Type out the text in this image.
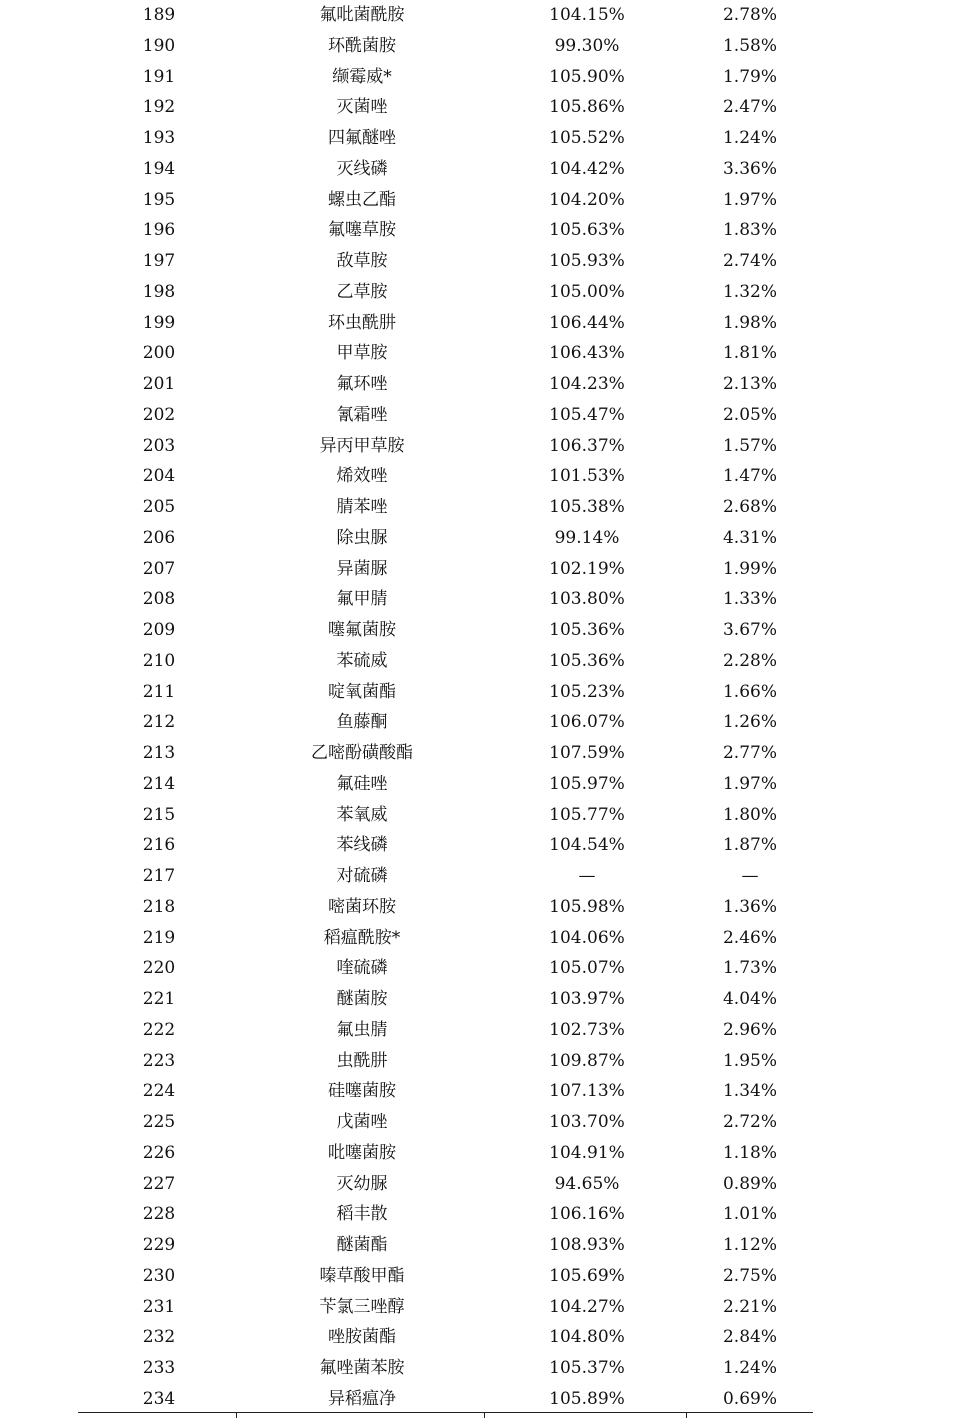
189	氟吡菌酰胺	104.15%	2.78%
190	环酰菌胺	99.30%	1.58%
191	缬霉威*	105.90%	1.79%
192	灭菌唑	105.86%	2.47%
193	四氟醚唑	105.52%	1.24%
194	灭线磷	104.42%	3.36%
195	螺虫乙酯	104.20%	1.97%
196	氟噻草胺	105.63%	1.83%
197	敌草胺	105.93%	2.74%
198	乙草胺	105.00%	1.32%
199	环虫酰肼	106.44%	1.98%
200	甲草胺	106.43%	1.81%
201	氟环唑	104.23%	2.13%
202	氰霜唑	105.47%	2.05%
203	异丙甲草胺	106.37%	1.57%
204	烯效唑	101.53%	1.47%
205	腈苯唑	105.38%	2.68%
206	除虫脲	99.14%	4.31%
207	异菌脲	102.19%	1.99%
208	氟甲腈	103.80%	1.33%
209	噻氟菌胺	105.36%	3.67%
210	苯硫威	105.36%	2.28%
211	啶氧菌酯	105.23%	1.66%
212	鱼藤酮	106.07%	1.26%
213	乙嘧酚磺酸酯	107.59%	2.77%
214	氟硅唑	105.97%	1.97%
215	苯氧威	105.77%	1.80%
216	苯线磷	104.54%	1.87%
217	对硫磷	—	—
218	嘧菌环胺	105.98%	1.36%
219	稻瘟酰胺*	104.06%	2.46%
220	喹硫磷	105.07%	1.73%
221	醚菌胺	103.97%	4.04%
222	氟虫腈	102.73%	2.96%
223	虫酰肼	109.87%	1.95%
224	硅噻菌胺	107.13%	1.34%
225	戊菌唑	103.70%	2.72%
226	吡噻菌胺	104.91%	1.18%
227	灭幼脲	94.65%	0.89%
228	稻丰散	106.16%	1.01%
229	醚菌酯	108.93%	1.12%
230	嗪草酸甲酯	105.69%	2.75%
231	苄氯三唑醇	104.27%	2.21%
232	唑胺菌酯	104.80%	2.84%
233	氟唑菌苯胺	105.37%	1.24%
234	异稻瘟净	105.89%	0.69%
